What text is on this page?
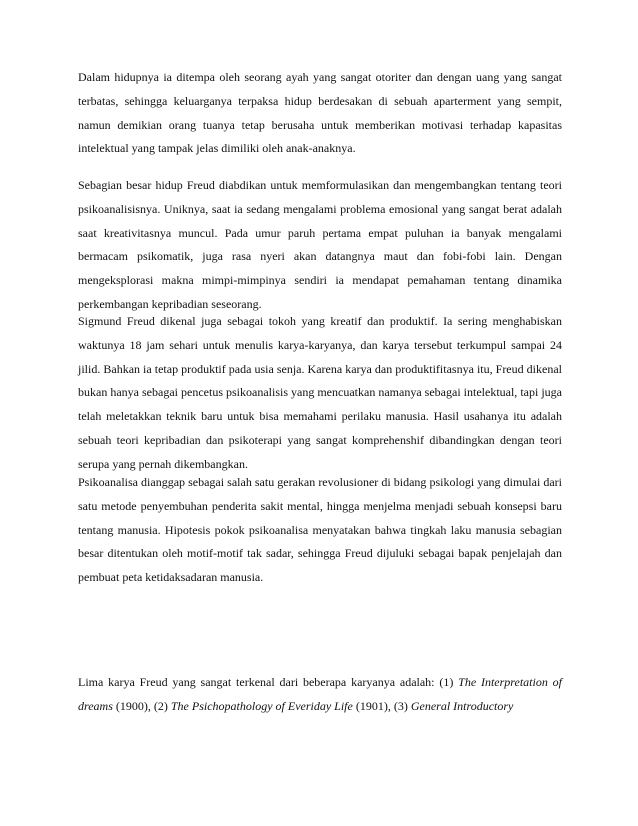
Dalam hidupnya ia ditempa oleh seorang ayah yang sangat otoriter dan dengan uang yang sangat terbatas, sehingga keluarganya terpaksa hidup berdesakan di sebuah aparterment yang sempit, namun demikian orang tuanya tetap berusaha untuk memberikan motivasi terhadap kapasitas intelektual yang tampak jelas dimiliki oleh anak-anaknya.

Sebagian besar hidup Freud diabdikan untuk memformulasikan dan mengembangkan tentang teori psikoanalisisnya. Uniknya, saat ia sedang mengalami problema emosional yang sangat berat adalah saat kreativitasnya muncul. Pada umur paruh pertama empat puluhan ia banyak mengalami bermacam psikomatik, juga rasa nyeri akan datangnya maut dan fobi-fobi lain. Dengan mengeksplorasi makna mimpi-mimpinya sendiri ia mendapat pemahaman tentang dinamika perkembangan kepribadian seseorang.

Sigmund Freud dikenal juga sebagai tokoh yang kreatif dan produktif. Ia sering menghabiskan waktunya 18 jam sehari untuk menulis karya-karyanya, dan karya tersebut terkumpul sampai 24 jilid. Bahkan ia tetap produktif pada usia senja. Karena karya dan produktifitasnya itu, Freud dikenal bukan hanya sebagai pencetus psikoanalisis yang mencuatkan namanya sebagai intelektual, tapi juga telah meletakkan teknik baru untuk bisa memahami perilaku manusia. Hasil usahanya itu adalah sebuah teori kepribadian dan psikoterapi yang sangat komprehenshif dibandingkan dengan teori serupa yang pernah dikembangkan.

Psikoanalisa dianggap sebagai salah satu gerakan revolusioner di bidang psikologi yang dimulai dari satu metode penyembuhan penderita sakit mental, hingga menjelma menjadi sebuah konsepsi baru tentang manusia. Hipotesis pokok psikoanalisa menyatakan bahwa tingkah laku manusia sebagian besar ditentukan oleh motif-motif tak sadar, sehingga Freud dijuluki sebagai bapak penjelajah dan pembuat peta ketidaksadaran manusia.

Lima karya Freud yang sangat terkenal dari beberapa karyanya adalah: (1) The Interpretation of dreams (1900), (2) The Psichopathology of Everiday Life (1901), (3) General Introductory
